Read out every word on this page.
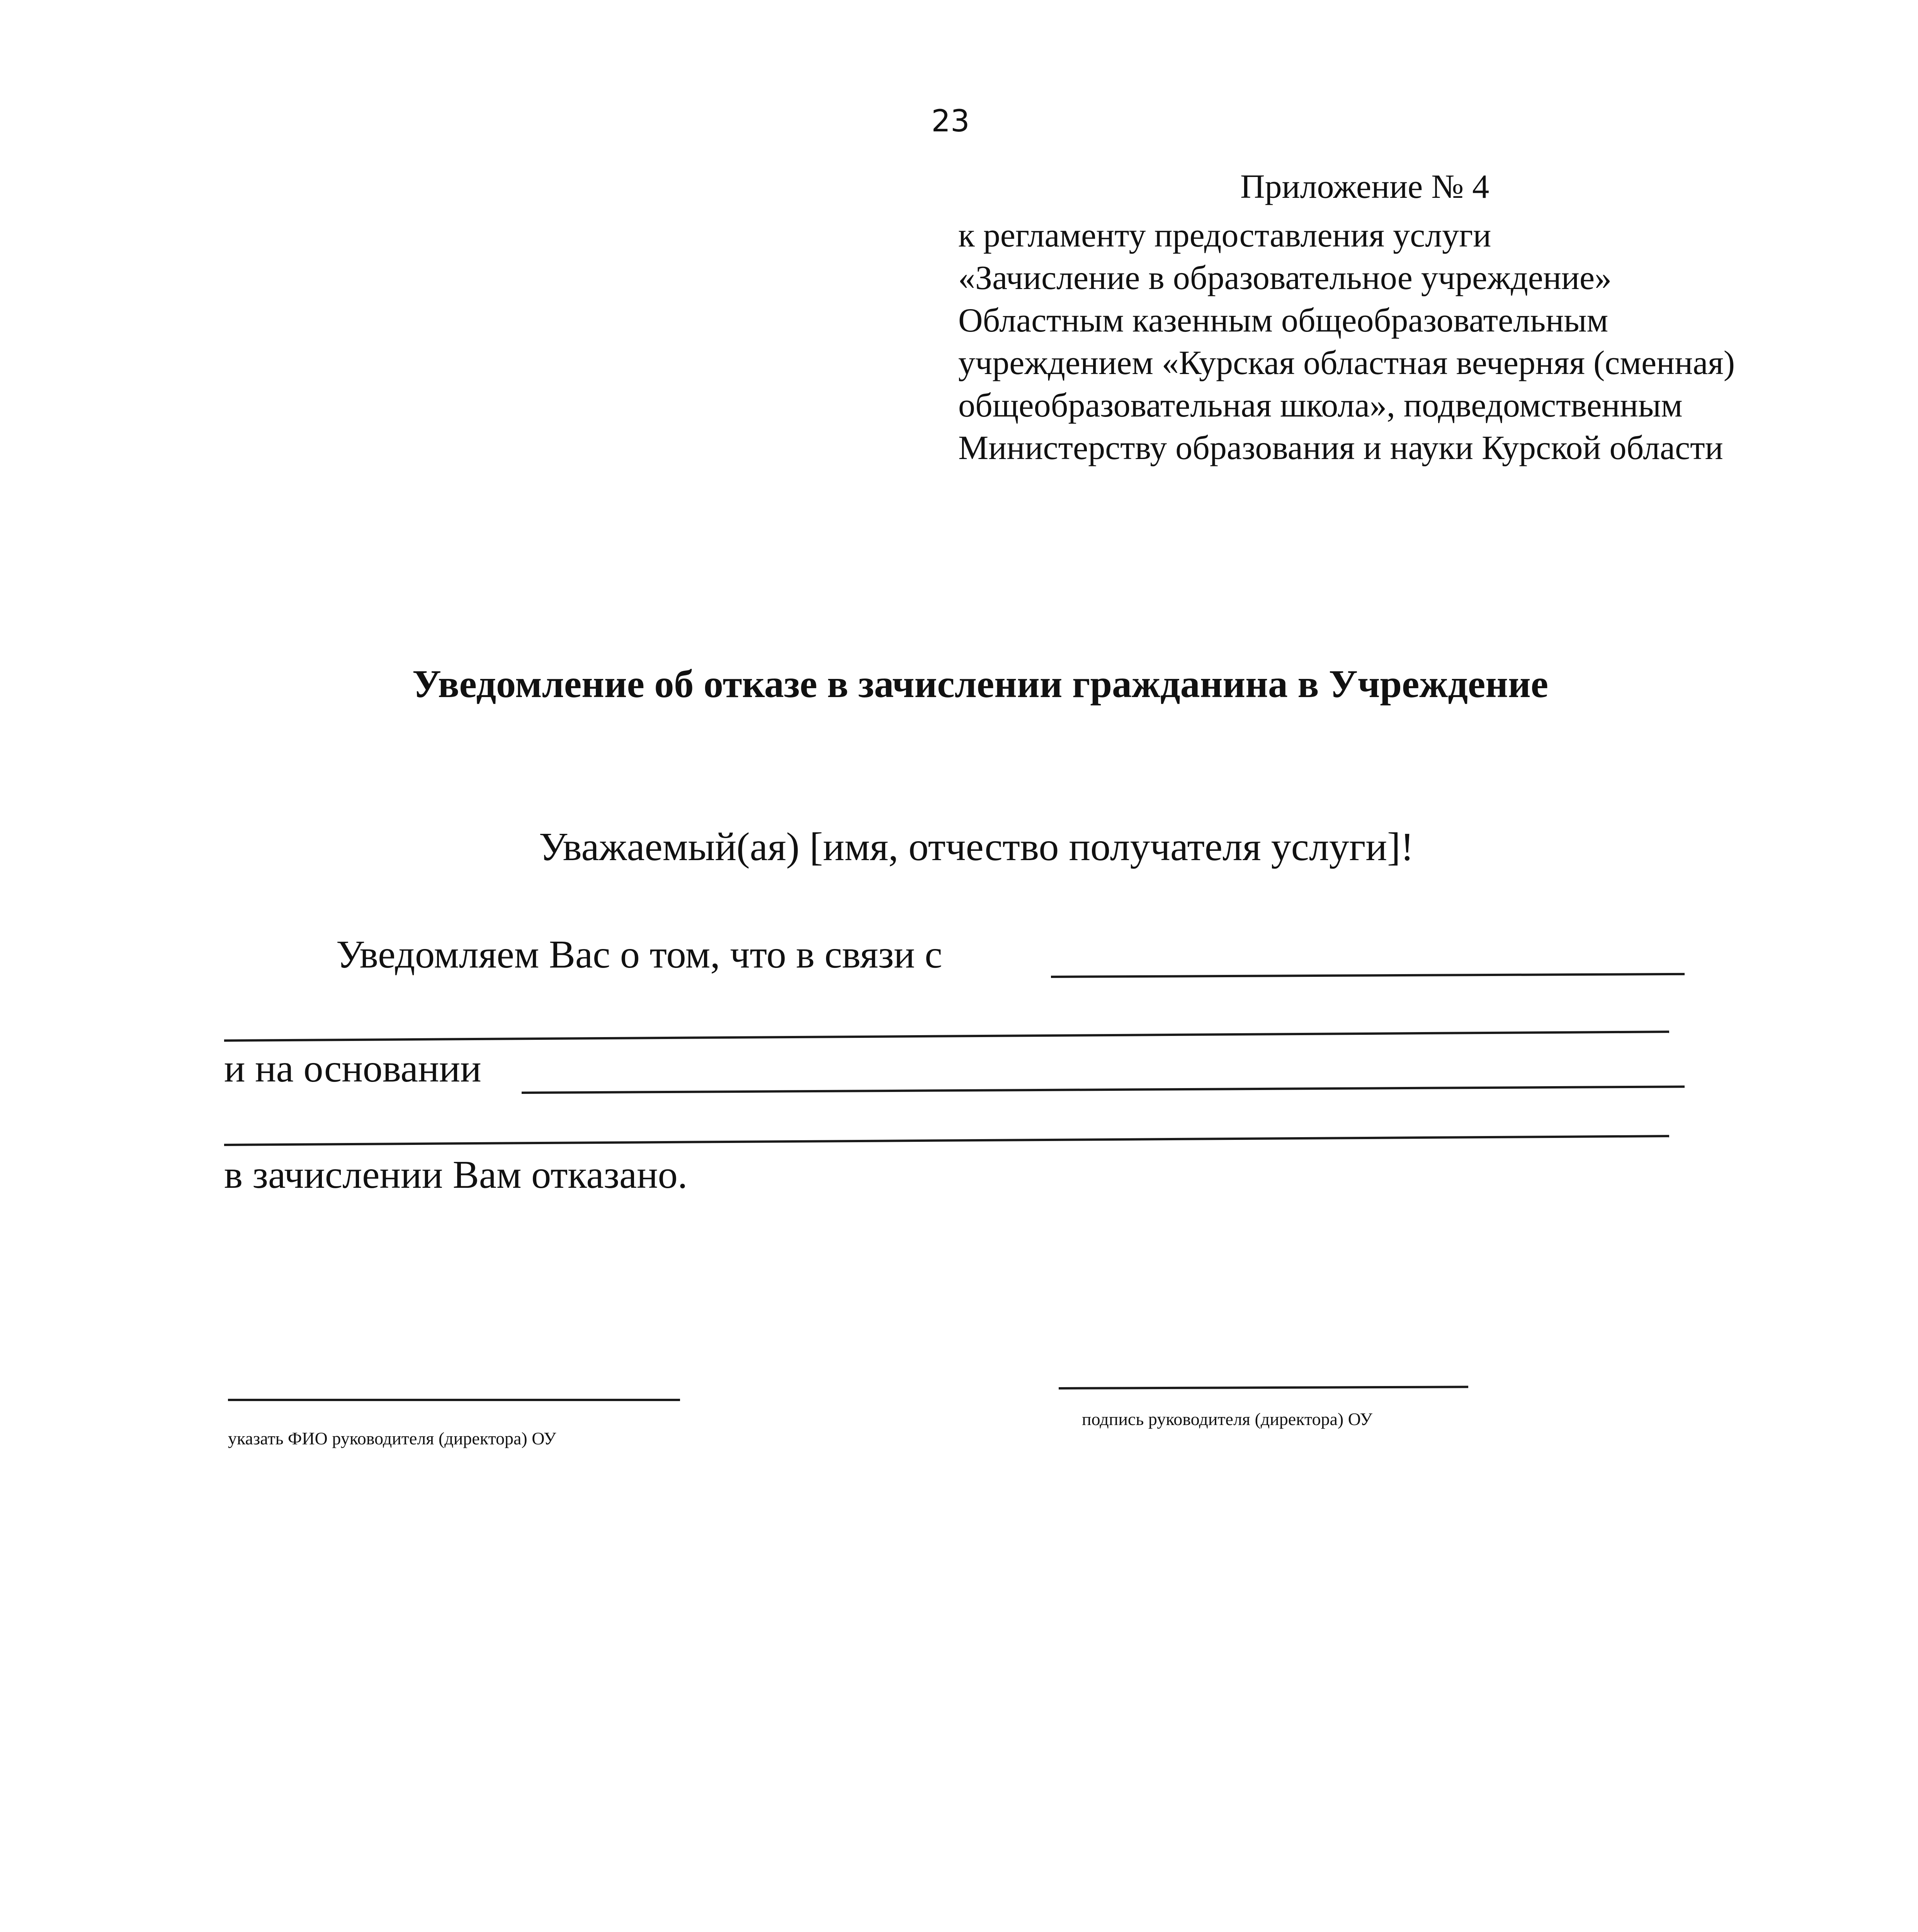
23
Приложение № 4
к регламенту предоставления услуги
«Зачисление в образовательное учреждение»
Областным казенным общеобразовательным
учреждением «Курская областная вечерняя (сменная)
общеобразовательная школа», подведомственным
Министерству образования и науки Курской области
Уведомление об отказе в зачислении гражданина в Учреждение
Уважаемый(ая) [имя, отчество получателя услуги]!
Уведомляем Вас о том, что в связи с
и на основании
в зачислении Вам отказано.
указать ФИО руководителя (директора) ОУ
подпись руководителя (директора) ОУ
